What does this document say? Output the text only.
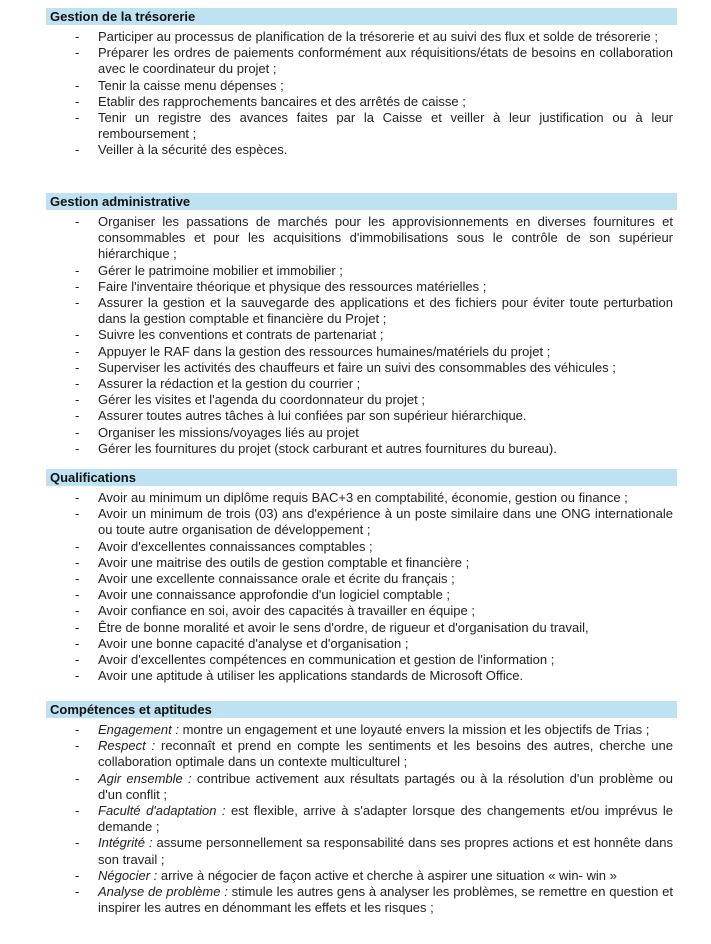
Gestion de la trésorerie
- Participer au processus de planification de la trésorerie et au suivi des flux et solde de trésorerie ;
- Préparer les ordres de paiements conformément aux réquisitions/états de besoins en collaboration avec le coordinateur du projet ;
- Tenir la caisse menu dépenses ;
- Etablir des rapprochements bancaires et des arrêtés de caisse ;
- Tenir un registre des avances faites par la Caisse et veiller à leur justification ou à leur remboursement ;
- Veiller à la sécurité des espèces.
Gestion administrative
- Organiser les passations de marchés pour les approvisionnements en diverses fournitures et consommables et pour les acquisitions d'immobilisations sous le contrôle de son supérieur hiérarchique ;
- Gérer le patrimoine mobilier et immobilier ;
- Faire l'inventaire théorique et physique des ressources matérielles ;
- Assurer la gestion et la sauvegarde des applications et des fichiers pour éviter toute perturbation dans la gestion comptable et financière du Projet ;
- Suivre les conventions et contrats de partenariat ;
- Appuyer le RAF dans la gestion des ressources humaines/matériels du projet ;
- Superviser les activités des chauffeurs et faire un suivi des consommables des véhicules ;
- Assurer la rédaction et la gestion du courrier ;
- Gérer les visites et l'agenda du coordonnateur du projet ;
- Assurer toutes autres tâches à lui confiées par son supérieur hiérarchique.
- Organiser les missions/voyages liés au projet
- Gérer les fournitures du projet (stock carburant et autres fournitures du bureau).
Qualifications
- Avoir au minimum un diplôme requis BAC+3 en comptabilité, économie, gestion ou finance ;
- Avoir un minimum de trois (03) ans d'expérience à un poste similaire dans une ONG internationale ou toute autre organisation de développement ;
- Avoir d'excellentes connaissances comptables ;
- Avoir une maitrise des outils de gestion comptable et financière ;
- Avoir une excellente connaissance orale et écrite du français ;
- Avoir une connaissance approfondie d'un logiciel comptable ;
- Avoir confiance en soi, avoir des capacités à travailler en équipe ;
- Être de bonne moralité et avoir le sens d'ordre, de rigueur et d'organisation du travail,
- Avoir une bonne capacité d'analyse et d'organisation ;
- Avoir d'excellentes compétences en communication et gestion de l'information ;
- Avoir une aptitude à utiliser les applications standards de Microsoft Office.
Compétences et aptitudes
- Engagement : montre un engagement et une loyauté envers la mission et les objectifs de Trias ;
- Respect : reconnaît et prend en compte les sentiments et les besoins des autres, cherche une collaboration optimale dans un contexte multiculturel ;
- Agir ensemble : contribue activement aux résultats partagés ou à la résolution d'un problème ou d'un conflit ;
- Faculté d'adaptation : est flexible, arrive à s'adapter lorsque des changements et/ou imprévus le demande ;
- Intégrité : assume personnellement sa responsabilité dans ses propres actions et est honnête dans son travail ;
- Négocier : arrive à négocier de façon active et cherche à aspirer une situation « win- win »
- Analyse de problème : stimule les autres gens à analyser les problèmes, se remettre en question et inspirer les autres en dénommant les effets et les risques ;
